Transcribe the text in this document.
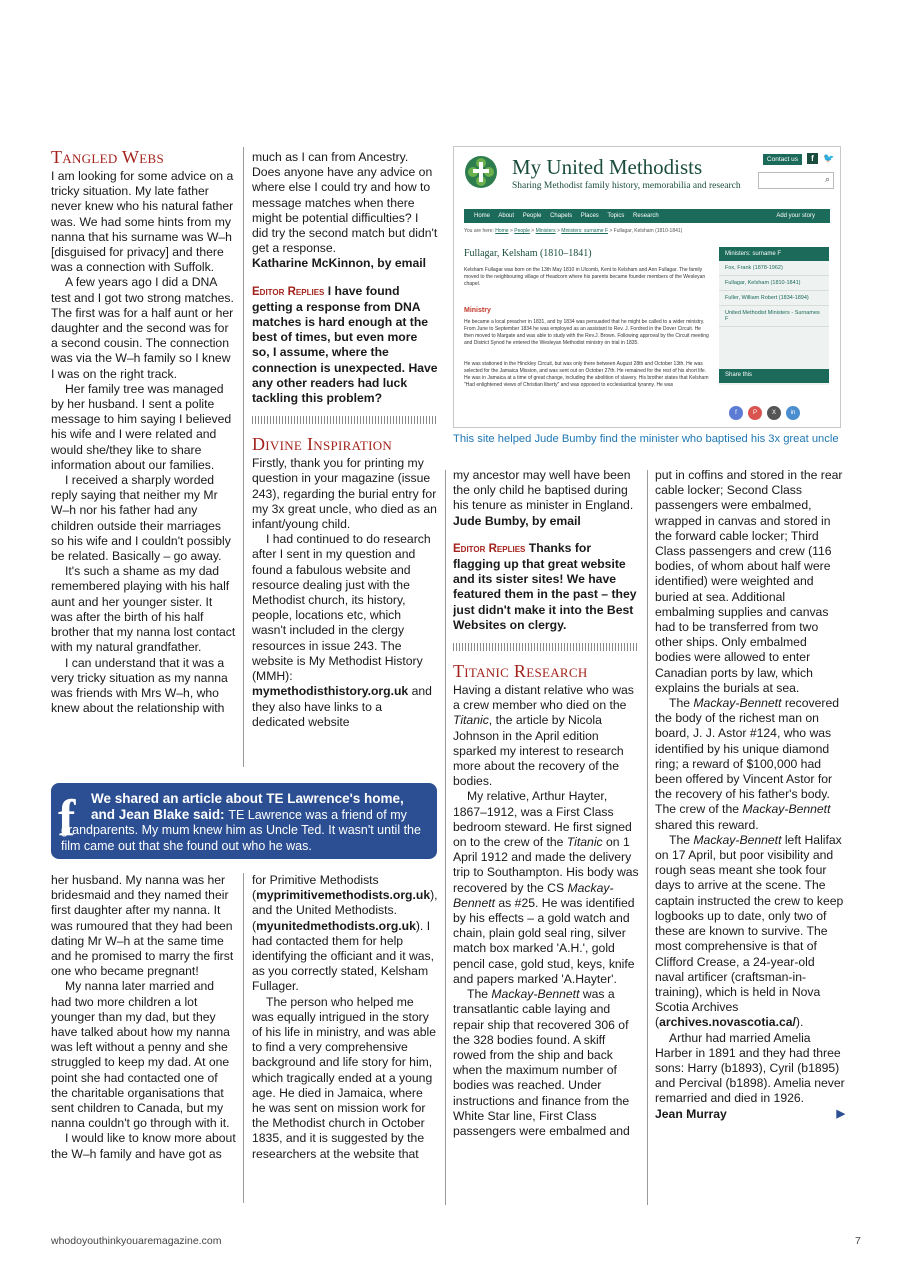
Tangled Webs

I am looking for some advice on a tricky situation. My late father never knew who his natural father was. We had some hints from my nanna that his surname was W–h [disguised for privacy] and there was a connection with Suffolk.

A few years ago I did a DNA test and I got two strong matches. The first was for a half aunt or her daughter and the second was for a second cousin. The connection was via the W–h family so I knew I was on the right track.

Her family tree was managed by her husband. I sent a polite message to him saying I believed his wife and I were related and would she/they like to share information about our families.

I received a sharply worded reply saying that neither my Mr W–h nor his father had any children outside their marriages so his wife and I couldn't possibly be related. Basically – go away.

It's such a shame as my dad remembered playing with his half aunt and her younger sister. It was after the birth of his half brother that my nanna lost contact with my natural grandfather.

I can understand that it was a very tricky situation as my nanna was friends with Mrs W–h, who knew about the relationship with

much as I can from Ancestry. Does anyone have any advice on where else I could try and how to message matches when there might be potential difficulties? I did try the second match but didn't get a response.

Katharine McKinnon, by email

Editor Replies I have found getting a response from DNA matches is hard enough at the best of times, but even more so, I assume, where the connection is unexpected. Have any other readers had luck tackling this problem?

Divine Inspiration

Firstly, thank you for printing my question in your magazine (issue 243), regarding the burial entry for my 3x great uncle, who died as an infant/young child.

I had continued to do research after I sent in my question and found a fabulous website and resource dealing just with the Methodist church, its history, people, locations etc, which wasn't included in the clergy resources in issue 243. The website is My Methodist History (MMH): mymethodisthistory.org.uk and they also have links to a dedicated website

My United Methodists
Sharing Methodist family history, memorabilia and research
Contact us	f	🐦
⌕
Home About People Chapels Places Topics Research	Add your story
You are here: Home > People > Ministers > Ministers: surname F > Fullagar, Kelsham (1810-1841)
Fullagar, Kelsham (1810–1841)
Kelsham Fullagar was born on the 13th May 1810 in Ulcomb, Kent to Kelsham and Ann Fullagar. The family moved to the neighbouring village of Headcorn where his parents became founder members of the Wesleyan chapel.
Ministry
He became a local preacher in 1831, and by 1834 was persuaded that he might be called to a wider ministry. From June to September 1834 he was employed as an assistant to Rev. J. Fordred in the Dover Circuit. He then moved to Margate and was able to study with the Rev.J. Brown. Following approval by the Circuit meeting and District Synod he entered the Wesleyan Methodist ministry on trial in 1835.
He was stationed in the Hinckley Circuit, but was only there between August 28th and October 13th. He was selected for the Jamaica Mission, and was sent out on October 27th. He remained for the rest of his short life. He was in Jamaica at a time of great change, including the abolition of slavery. His brother states that Kelsham "Had enlightened views of Christian liberty" and was opposed to ecclesiastical tyranny. He was
Ministers: surname F
Fox, Frank (1878-1962)
Fullagar, Kelsham (1810-1841)
Fuller, William Robert (1834-1894)
United Methodist Ministers - Surnames F
Share this
f	P X in
This site helped Jude Bumby find the minister who baptised his 3x great uncle
f	We shared an article about TE Lawrence's home,
and Jean Blake said: TE Lawrence was a friend of my grandparents. My mum knew him as Uncle Ted. It wasn't until the film came out that she found out who he was.

her husband. My nanna was her bridesmaid and they named their first daughter after my nanna. It was rumoured that they had been dating Mr W–h at the same time and he promised to marry the first one who became pregnant!

My nanna later married and had two more children a lot younger than my dad, but they have talked about how my nanna was left without a penny and she struggled to keep my dad. At one point she had contacted one of the charitable organisations that sent children to Canada, but my nanna couldn't go through with it.

I would like to know more about the W–h family and have got as

for Primitive Methodists (myprimitivemethodists.org.uk), and the United Methodists. (myunitedmethodists.org.uk). I had contacted them for help identifying the officiant and it was, as you correctly stated, Kelsham Fullager.

The person who helped me was equally intrigued in the story of his life in ministry, and was able to find a very comprehensive background and life story for him, which tragically ended at a young age. He died in Jamaica, where he was sent on mission work for the Methodist church in October 1835, and it is suggested by the researchers at the website that

my ancestor may well have been the only child he baptised during his tenure as minister in England.

Jude Bumby, by email

Editor Replies Thanks for flagging up that great website and its sister sites! We have featured them in the past – they just didn't make it into the Best Websites on clergy.

Titanic Research

Having a distant relative who was a crew member who died on the Titanic, the article by Nicola Johnson in the April edition sparked my interest to research more about the recovery of the bodies.

My relative, Arthur Hayter, 1867–1912, was a First Class bedroom steward. He first signed on to the crew of the Titanic on 1 April 1912 and made the delivery trip to Southampton. His body was recovered by the CS Mackay-Bennett as #25. He was identified by his effects – a gold watch and chain, plain gold seal ring, silver match box marked 'A.H.', gold pencil case, gold stud, keys, knife and papers marked 'A.Hayter'.

The Mackay-Bennett was a transatlantic cable laying and repair ship that recovered 306 of the 328 bodies found. A skiff rowed from the ship and back when the maximum number of bodies was reached. Under instructions and finance from the White Star line, First Class passengers were embalmed and

put in coffins and stored in the rear cable locker; Second Class passengers were embalmed, wrapped in canvas and stored in the forward cable locker; Third Class passengers and crew (116 bodies, of whom about half were identified) were weighted and buried at sea. Additional embalming supplies and canvas had to be transferred from two other ships. Only embalmed bodies were allowed to enter Canadian ports by law, which explains the burials at sea.

The Mackay-Bennett recovered the body of the richest man on board, J. J. Astor #124, who was identified by his unique diamond ring; a reward of $100,000 had been offered by Vincent Astor for the recovery of his father's body. The crew of the Mackay-Bennett shared this reward.

The Mackay-Bennett left Halifax on 17 April, but poor visibility and rough seas meant she took four days to arrive at the scene. The captain instructed the crew to keep logbooks up to date, only two of these are known to survive. The most comprehensive is that of Clifford Crease, a 24-year-old naval artificer (craftsman-in-training), which is held in Nova Scotia Archives (archives.novascotia.ca/).

Arthur had married Amelia Harber in 1891 and they had three sons: Harry (b1893), Cyril (b1895) and Percival (b1898). Amelia never remarried and died in 1926.

Jean Murray	▶

whodoyouthinkyouaremagazine.com	7
